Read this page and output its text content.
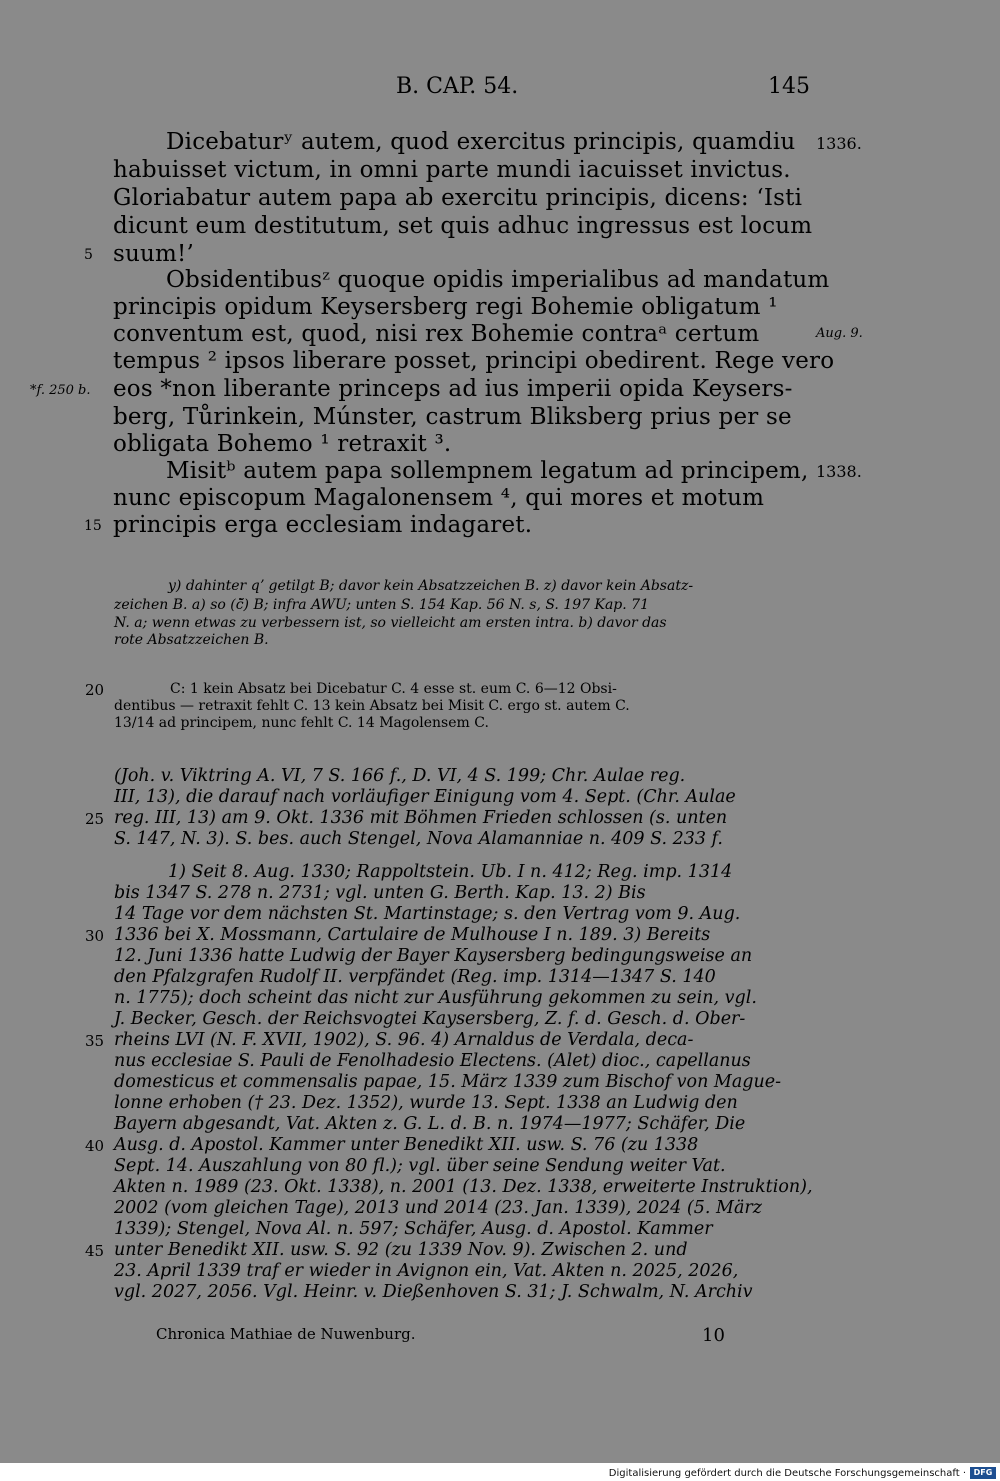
B. CAP. 54.	145
Dicebaturʸ autem, quod exercitus principis, quamdiu
habuisset victum, in omni parte mundi iacuisset invictus.
Gloriabatur autem papa ab exercitu principis, dicens: ‘Isti
dicunt eum destitutum, set quis adhuc ingressus est locum
suum!’
Obsidentibusᶻ quoque opidis imperialibus ad mandatum
principis opidum Keysersberg regi Bohemie obligatum ¹
conventum est, quod, nisi rex Bohemie contraᵃ certum
tempus ² ipsos liberare posset, principi obedirent. Rege vero
eos *non liberante princeps ad ius imperii opida Keysers-
berg, Tůrinkein, Múnster, castrum Bliksberg prius per se
obligata Bohemo ¹ retraxit ³.
Misitᵇ autem papa sollempnem legatum ad principem,
nunc episcopum Magalonensem ⁴, qui mores et motum
principis erga ecclesiam indagaret.
5
*f. 250 b.
15
1336.
Aug. 9.
1338.
y) dahinter qʼ getilgt B; davor kein Absatzzeichen B. z) davor kein Absatz-
zeichen B. a) so (c̃̆) B; infra AWU; unten S. 154 Kap. 56 N. s, S. 197 Kap. 71
N. a; wenn etwas zu verbessern ist, so vielleicht am ersten intra. b) davor das
rote Absatzzeichen B.
20	C: 1 kein Absatz bei Dicebatur C. 4 esse st. eum C. 6—12 Obsi-
dentibus — retraxit fehlt C. 13 kein Absatz bei Misit C. ergo st. autem C.
13/14 ad principem, nunc fehlt C. 14 Magolensem C.
(Joh. v. Viktring A. VI, 7 S. 166 f., D. VI, 4 S. 199; Chr. Aulae reg.
III, 13), die darauf nach vorläufiger Einigung vom 4. Sept. (Chr. Aulae
25 reg. III, 13) am 9. Okt. 1336 mit Böhmen Frieden schlossen (s. unten
S. 147, N. 3). S. bes. auch Stengel, Nova Alamanniae n. 409 S. 233 f.
1) Seit 8. Aug. 1330; Rappoltstein. Ub. I n. 412; Reg. imp. 1314
bis 1347 S. 278 n. 2731; vgl. unten G. Berth. Kap. 13. 2) Bis
14 Tage vor dem nächsten St. Martinstage; s. den Vertrag vom 9. Aug.
30 1336 bei X. Mossmann, Cartulaire de Mulhouse I n. 189. 3) Bereits
12. Juni 1336 hatte Ludwig der Bayer Kaysersberg bedingungsweise an
den Pfalzgrafen Rudolf II. verpfändet (Reg. imp. 1314—1347 S. 140
n. 1775); doch scheint das nicht zur Ausführung gekommen zu sein, vgl.
J. Becker, Gesch. der Reichsvogtei Kaysersberg, Z. f. d. Gesch. d. Ober-
35 rheins LVI (N. F. XVII, 1902), S. 96. 4) Arnaldus de Verdala, deca-
nus ecclesiae S. Pauli de Fenolhadesio Electens. (Alet) dioc., capellanus
domesticus et commensalis papae, 15. März 1339 zum Bischof von Mague-
lonne erhoben († 23. Dez. 1352), wurde 13. Sept. 1338 an Ludwig den
Bayern abgesandt, Vat. Akten z. G. L. d. B. n. 1974—1977; Schäfer, Die
40 Ausg. d. Apostol. Kammer unter Benedikt XII. usw. S. 76 (zu 1338
Sept. 14. Auszahlung von 80 fl.); vgl. über seine Sendung weiter Vat.
Akten n. 1989 (23. Okt. 1338), n. 2001 (13. Dez. 1338, erweiterte Instruktion),
2002 (vom gleichen Tage), 2013 und 2014 (23. Jan. 1339), 2024 (5. März
1339); Stengel, Nova Al. n. 597; Schäfer, Ausg. d. Apostol. Kammer
45 unter Benedikt XII. usw. S. 92 (zu 1339 Nov. 9). Zwischen 2. und
23. April 1339 traf er wieder in Avignon ein, Vat. Akten n. 2025, 2026,
vgl. 2027, 2056. Vgl. Heinr. v. Dießenhoven S. 31; J. Schwalm, N. Archiv
Chronica Mathiae de Nuwenburg.	10
Digitalisierung gefördert durch die Deutsche Forschungsgemeinschaft · DFG
